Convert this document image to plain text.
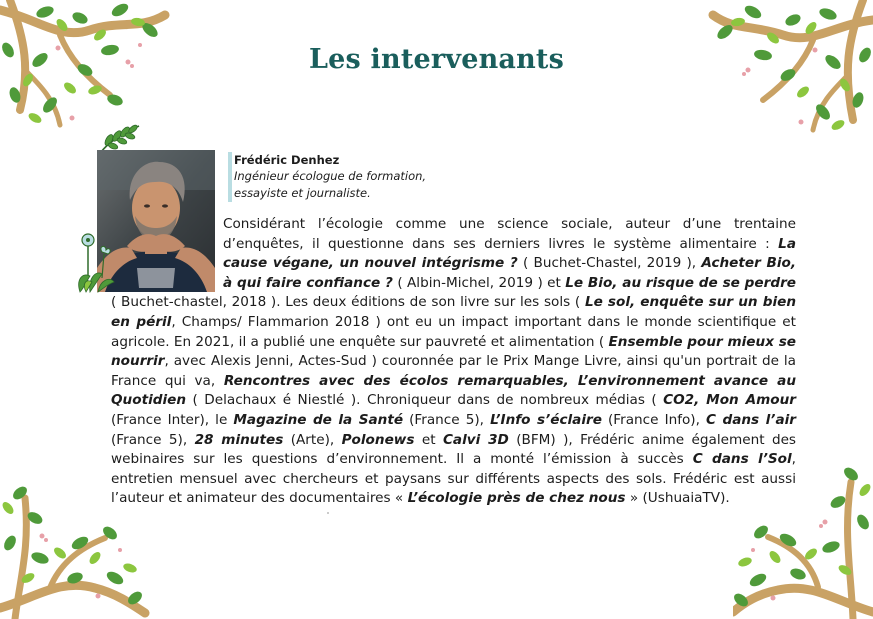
Les intervenants
Frédéric Denhez
Ingénieur écologue de formation,
essayiste et journaliste.
Considérant l’écologie comme une science sociale, auteur d’une trentaine d’enquêtes, il questionne dans ses derniers livres le système alimentaire : La cause végane, un nouvel intégrisme ? ( Buchet-Chastel, 2019 ), Acheter Bio, à qui faire confiance ? ( Albin-Michel, 2019 ) et Le Bio, au risque de se perdre ( Buchet-chastel, 2018 ). Les deux éditions de son livre sur les sols ( Le sol, enquête sur un bien en péril, Champs/ Flammarion 2018 ) ont eu un impact important dans le monde scientifique et agricole. En 2021, il a publié une enquête sur pauvreté et alimentation ( Ensemble pour mieux se nourrir, avec Alexis Jenni, Actes-Sud ) couronnée par le Prix Mange Livre, ainsi qu'un portrait de la France qui va, Rencontres avec des écolos remarquables, L’environnement avance au Quotidien ( Delachaux é Niestlé ). Chroniqueur dans de nombreux médias ( CO2, Mon Amour (France Inter), le Magazine de la Santé (France 5), L’Info s’éclaire (France Info), C dans l’air (France 5), 28 minutes (Arte), Polonews et Calvi 3D (BFM) ), Frédéric anime également des webinaires sur les questions d’environnement. Il a monté l’émission à succès C dans l’Sol, entretien mensuel avec chercheurs et paysans sur différents aspects des sols. Frédéric est aussi l’auteur et animateur des documentaires « L’écologie près de chez nous » (UshuaiaTV).
